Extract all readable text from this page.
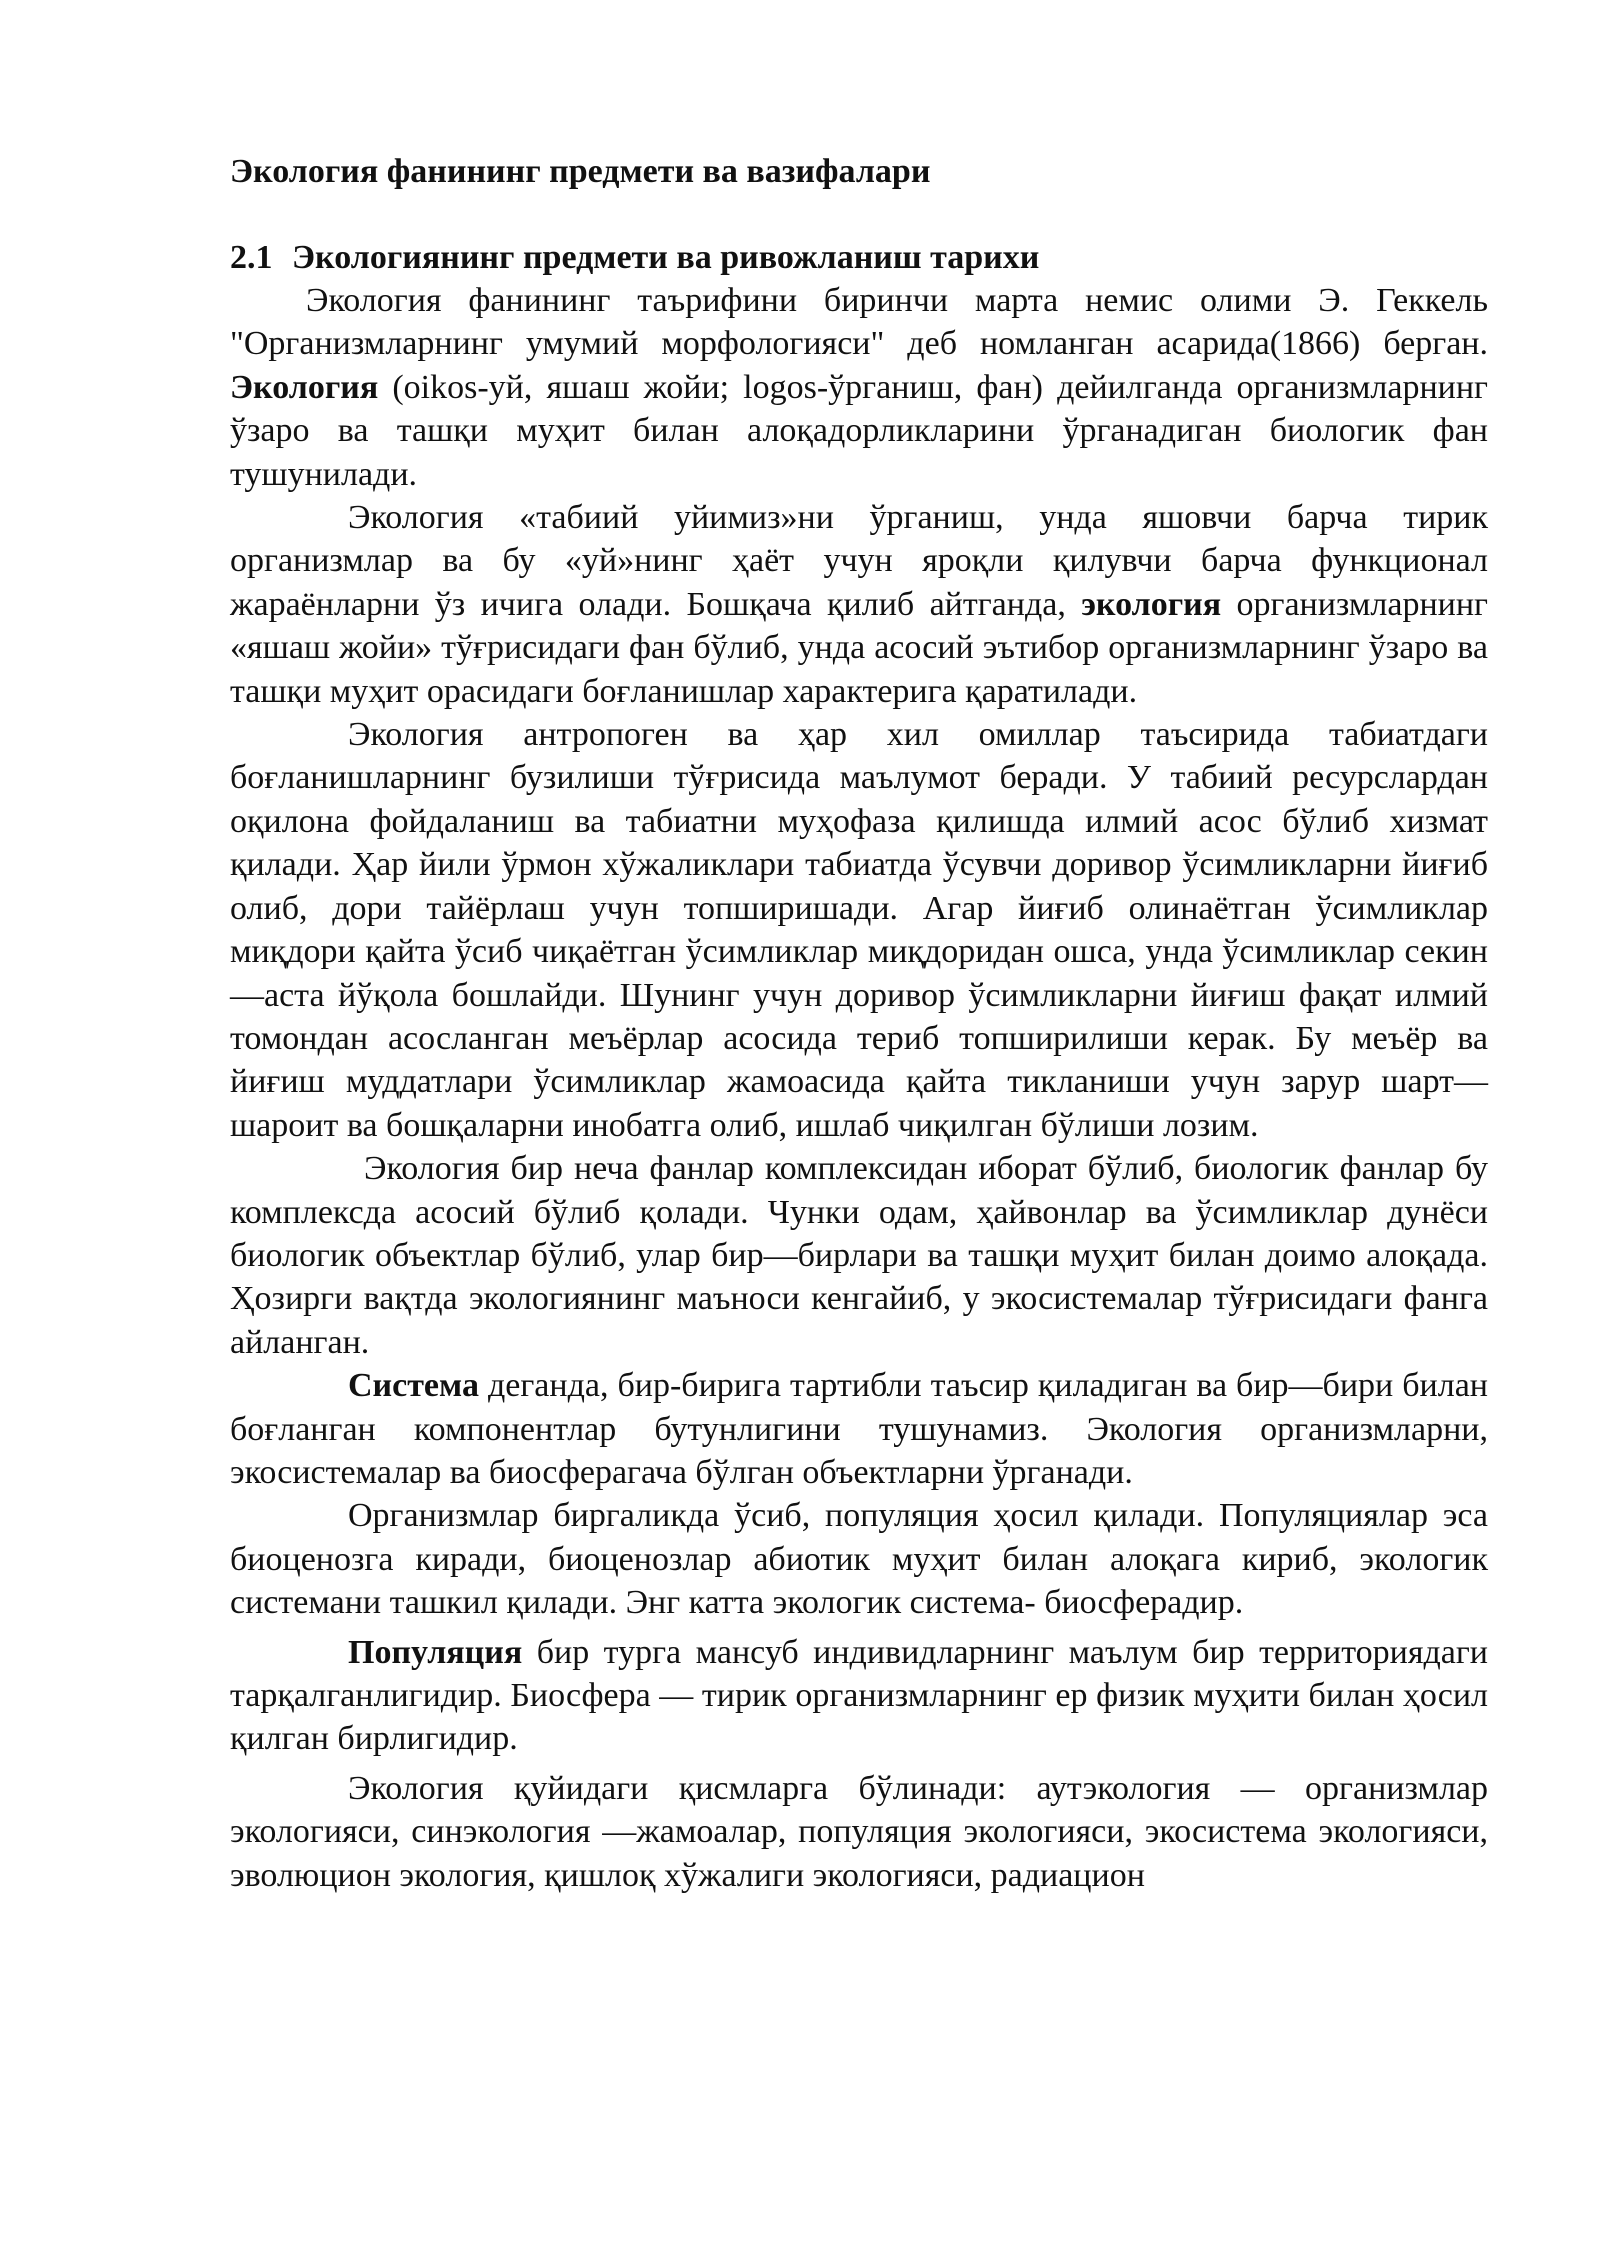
Экология фанининг предмети ва вазифалари
2.1 Экологиянинг предмети ва ривожланиш тарихи

Экология фанининг таърифини биринчи марта немис олими Э. Геккель "Организмларнинг умумий морфологияси" деб номланган асарида(1866) берган. Экология (oikos-уй, яшаш жойи; logos-ўрганиш, фан) дейилганда организмларнинг ўзаро ва ташқи муҳит билан алоқадорликларини ўрганадиган биологик фан тушунилади.

Экология «табиий уйимиз»ни ўрганиш, унда яшовчи барча тирик организмлар ва бу «уй»нинг ҳаёт учун яроқли қилувчи барча функционал жараёнларни ўз ичига олади. Бошқача қилиб айтганда, экология организмларнинг «яшаш жойи» тўғрисидаги фан бўлиб, унда асосий эътибор организмларнинг ўзаро ва ташқи муҳит орасидаги боғланишлар характерига қаратилади.

Экология антропоген ва ҳар хил омиллар таъсирида табиатдаги боғланишларнинг бузилиши тўғрисида маълумот беради. У табиий ресурслардан оқилона фойдаланиш ва табиатни муҳофаза қилишда илмий асос бўлиб хизмат қилади. Ҳар йили ўрмон хўжаликлари табиатда ўсувчи доривор ўсимликларни йиғиб олиб, дори тайёрлаш учун топширишади. Агар йиғиб олинаётган ўсимликлар миқдори қайта ўсиб чиқаётган ўсимликлар миқдоридан ошса, унда ўсимликлар секин—аста йўқола бошлайди. Шунинг учун доривор ўсимликларни йиғиш фақат илмий томондан асосланган меъёрлар асосида териб топширилиши керак. Бу меъёр ва йиғиш муддатлари ўсимликлар жамоасида қайта тикланиши учун зарур шарт—шароит ва бошқаларни инобатга олиб, ишлаб чиқилган бўлиши лозим.

Экология бир неча фанлар комплексидан иборат бўлиб, биологик фанлар бу комплексда асосий бўлиб қолади. Чунки одам, ҳайвонлар ва ўсимликлар дунёси биологик объектлар бўлиб, улар бир—бирлари ва ташқи муҳит билан доимо алоқада. Ҳозирги вақтда экологиянинг маъноси кенгайиб, у экосистемалар тўғрисидаги фанга айланган.

Система деганда, бир-бирига тартибли таъсир қиладиган ва бир—бири билан боғланган компонентлар бутунлигини тушунамиз. Экология организмларни, экосистемалар ва биосферагача бўлган объектларни ўрганади.

Организмлар биргаликда ўсиб, популяция ҳосил қилади. Популяциялар эса биоценозга киради, биоценозлар абиотик муҳит билан алоқага кириб, экологик системани ташкил қилади. Энг катта экологик система- биосферадир.

Популяция бир турга мансуб индивидларнинг маълум бир территориядаги тарқалганлигидир. Биосфера — тирик организмларнинг ер физик муҳити билан ҳосил қилган бирлигидир.

Экология қуйидаги қисмларга бўлинади: аутэкология — организмлар экологияси, синэкология —жамоалар, популяция экологияси, экосистема экологияси, эволюцион экология, қишлоқ хўжалиги экологияси, радиацион
